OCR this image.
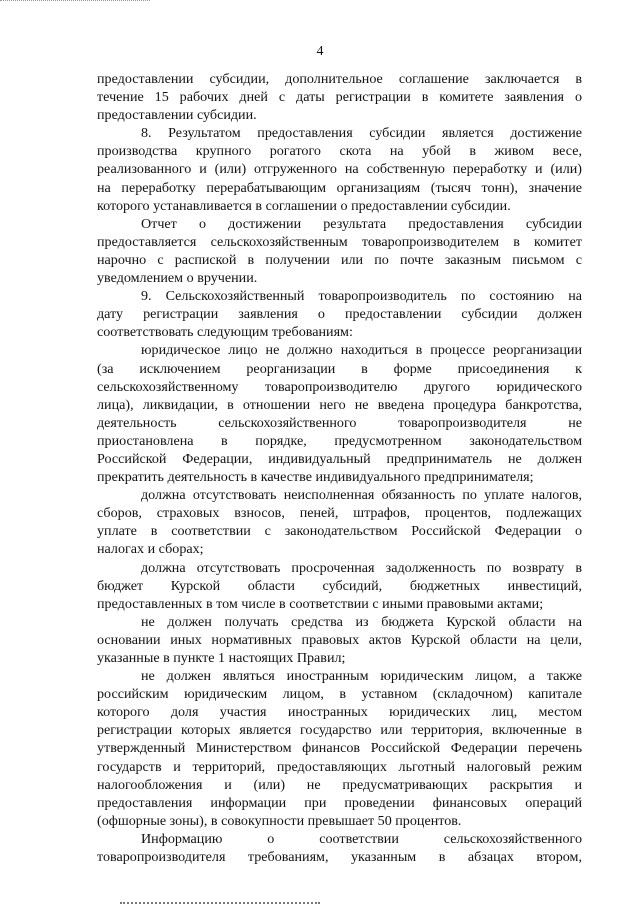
4

предоставлении субсидии, дополнительное соглашение заключается в

течение 15 рабочих дней с даты регистрации в комитете заявления о

предоставлении субсидии.

8. Результатом предоставления субсидии является достижение

производства крупного рогатого скота на убой в живом весе,

реализованного и (или) отгруженного на собственную переработку и (или)

на переработку перерабатывающим организациям (тысяч тонн), значение

которого устанавливается в соглашении о предоставлении субсидии.

Отчет о достижении результата предоставления субсидии

предоставляется сельскохозяйственным товаропроизводителем в комитет

нарочно с распиской в получении или по почте заказным письмом с

уведомлением о вручении.

9. Сельскохозяйственный товаропроизводитель по состоянию на

дату регистрации заявления о предоставлении субсидии должен

соответствовать следующим требованиям:

юридическое лицо не должно находиться в процессе реорганизации

(за исключением реорганизации в форме присоединения к

сельскохозяйственному товаропроизводителю другого юридического

лица), ликвидации, в отношении него не введена процедура банкротства,

деятельность сельскохозяйственного товаропроизводителя не

приостановлена в порядке, предусмотренном законодательством

Российской Федерации, индивидуальный предприниматель не должен

прекратить деятельность в качестве индивидуального предпринимателя;

должна отсутствовать неисполненная обязанность по уплате налогов,

сборов, страховых взносов, пеней, штрафов, процентов, подлежащих

уплате в соответствии с законодательством Российской Федерации о

налогах и сборах;

должна отсутствовать просроченная задолженность по возврату в

бюджет Курской области субсидий, бюджетных инвестиций,

предоставленных в том числе в соответствии с иными правовыми актами;

не должен получать средства из бюджета Курской области на

основании иных нормативных правовых актов Курской области на цели,

указанные в пункте 1 настоящих Правил;

не должен являться иностранным юридическим лицом, а также

российским юридическим лицом, в уставном (складочном) капитале

которого доля участия иностранных юридических лиц, местом

регистрации которых является государство или территория, включенные в

утвержденный Министерством финансов Российской Федерации перечень

государств и территорий, предоставляющих льготный налоговый режим

налогообложения и (или) не предусматривающих раскрытия и

предоставления информации при проведении финансовых операций

(офшорные зоны), в совокупности превышает 50 процентов.

Информацию о соответствии сельскохозяйственного

товаропроизводителя требованиям, указанным в абзацах втором,
